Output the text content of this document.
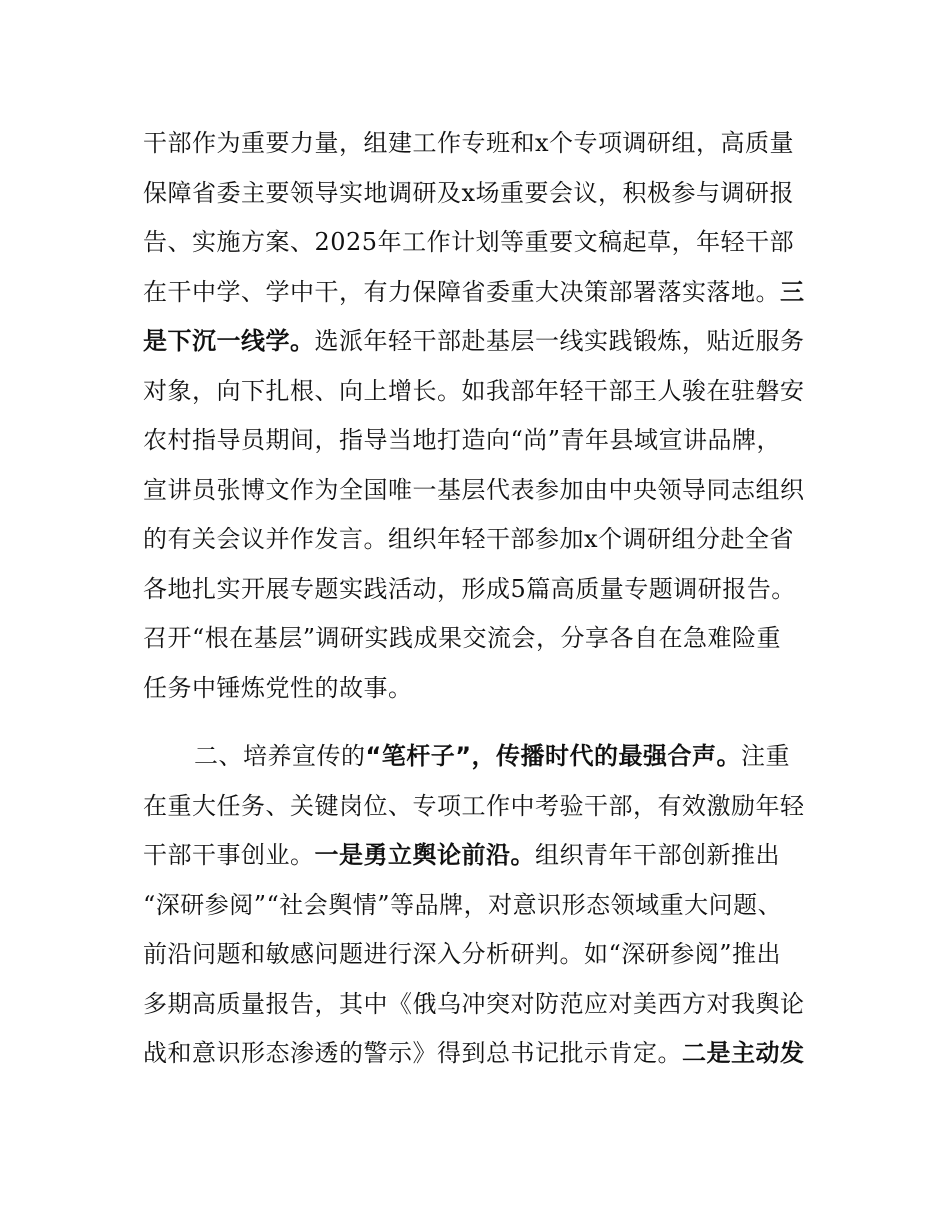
干部作为重要力量，组建工作专班和x个专项调研组，高质量
保障省委主要领导实地调研及x场重要会议，积极参与调研报
告、实施方案、2025年工作计划等重要文稿起草，年轻干部
在干中学、学中干，有力保障省委重大决策部署落实落地。三
是下沉一线学。选派年轻干部赴基层一线实践锻炼，贴近服务
对象，向下扎根、向上增长。如我部年轻干部王人骏在驻磐安
农村指导员期间，指导当地打造向“尚”青年县域宣讲品牌，
宣讲员张博文作为全国唯一基层代表参加由中央领导同志组织
的有关会议并作发言。组织年轻干部参加x个调研组分赴全省
各地扎实开展专题实践活动，形成5篇高质量专题调研报告。
召开“根在基层”调研实践成果交流会，分享各自在急难险重
任务中锤炼党性的故事。
二、培养宣传的“笔杆子”，传播时代的最强合声。注重
在重大任务、关键岗位、专项工作中考验干部，有效激励年轻
干部干事创业。一是勇立舆论前沿。组织青年干部创新推出
“深研参阅”“社会舆情”等品牌，对意识形态领域重大问题、
前沿问题和敏感问题进行深入分析研判。如“深研参阅”推出
多期高质量报告，其中《俄乌冲突对防范应对美西方对我舆论
战和意识形态渗透的警示》得到总书记批示肯定。二是主动发
